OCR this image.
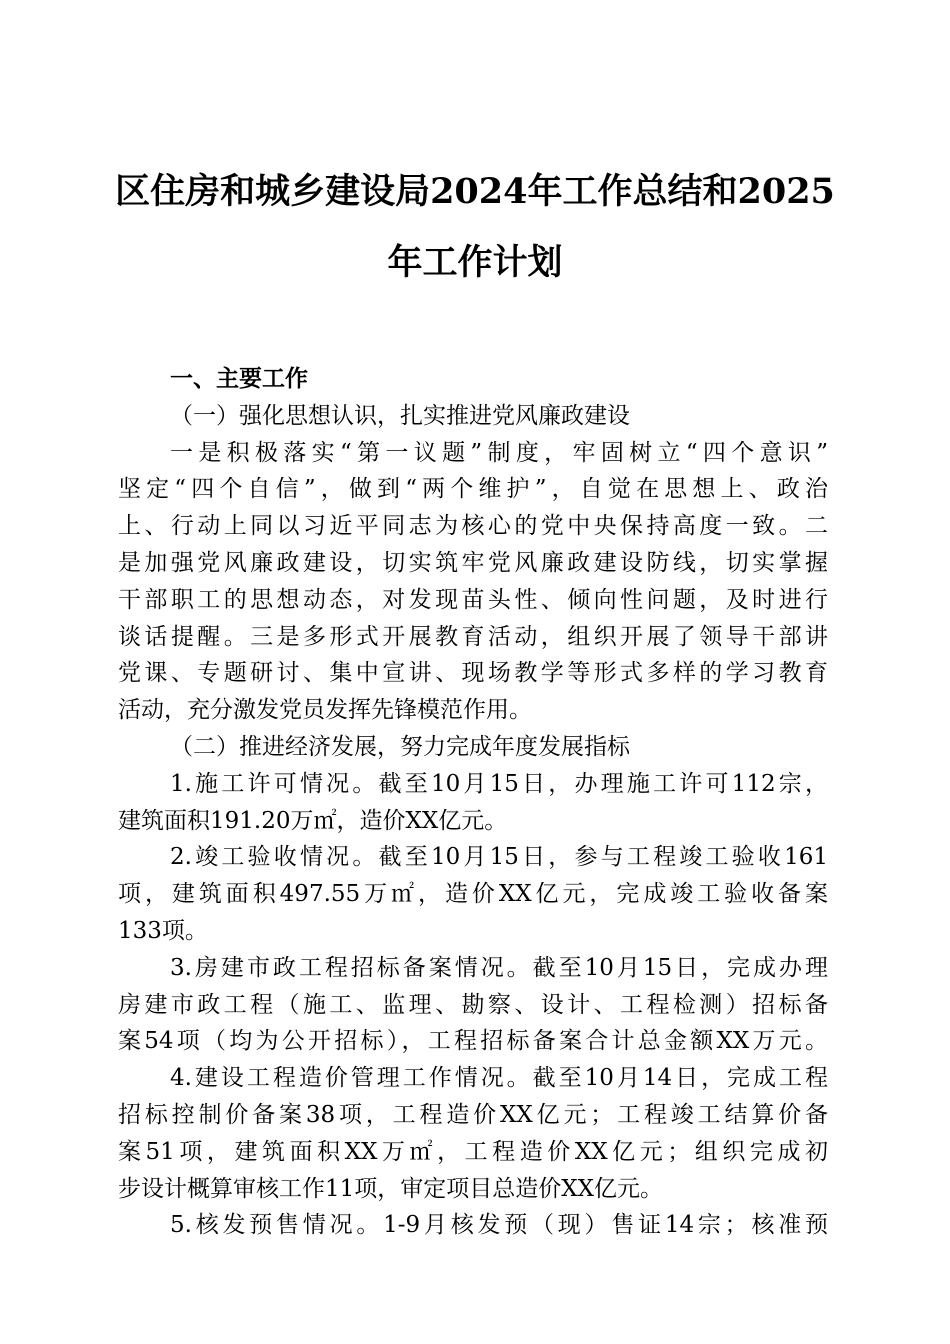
区住房和城乡建设局2024年工作总结和2025
年工作计划
一、主要工作
（一）强化思想认识，扎实推进党风廉政建设
一是积极落实“第一议题”制度，牢固树立“四个意识”
坚定“四个自信”，做到“两个维护”，自觉在思想上、政治
上、行动上同以习近平同志为核心的党中央保持高度一致。二
是加强党风廉政建设，切实筑牢党风廉政建设防线，切实掌握
干部职工的思想动态，对发现苗头性、倾向性问题，及时进行
谈话提醒。三是多形式开展教育活动，组织开展了领导干部讲
党课、专题研讨、集中宣讲、现场教学等形式多样的学习教育
活动，充分激发党员发挥先锋模范作用。
（二）推进经济发展，努力完成年度发展指标
1.施工许可情况。截至10月15日，办理施工许可112宗，
建筑面积191.20万㎡，造价XX亿元。
2.竣工验收情况。截至10月15日，参与工程竣工验收161
项，建筑面积497.55万㎡，造价XX亿元，完成竣工验收备案
133项。
3.房建市政工程招标备案情况。截至10月15日，完成办理
房建市政工程（施工、监理、勘察、设计、工程检测）招标备
案54项（均为公开招标），工程招标备案合计总金额XX万元。
4.建设工程造价管理工作情况。截至10月14日，完成工程
招标控制价备案38项，工程造价XX亿元；工程竣工结算价备
案51项，建筑面积XX万㎡，工程造价XX亿元；组织完成初
步设计概算审核工作11项，审定项目总造价XX亿元。
5.核发预售情况。1-9月核发预（现）售证14宗；核准预
